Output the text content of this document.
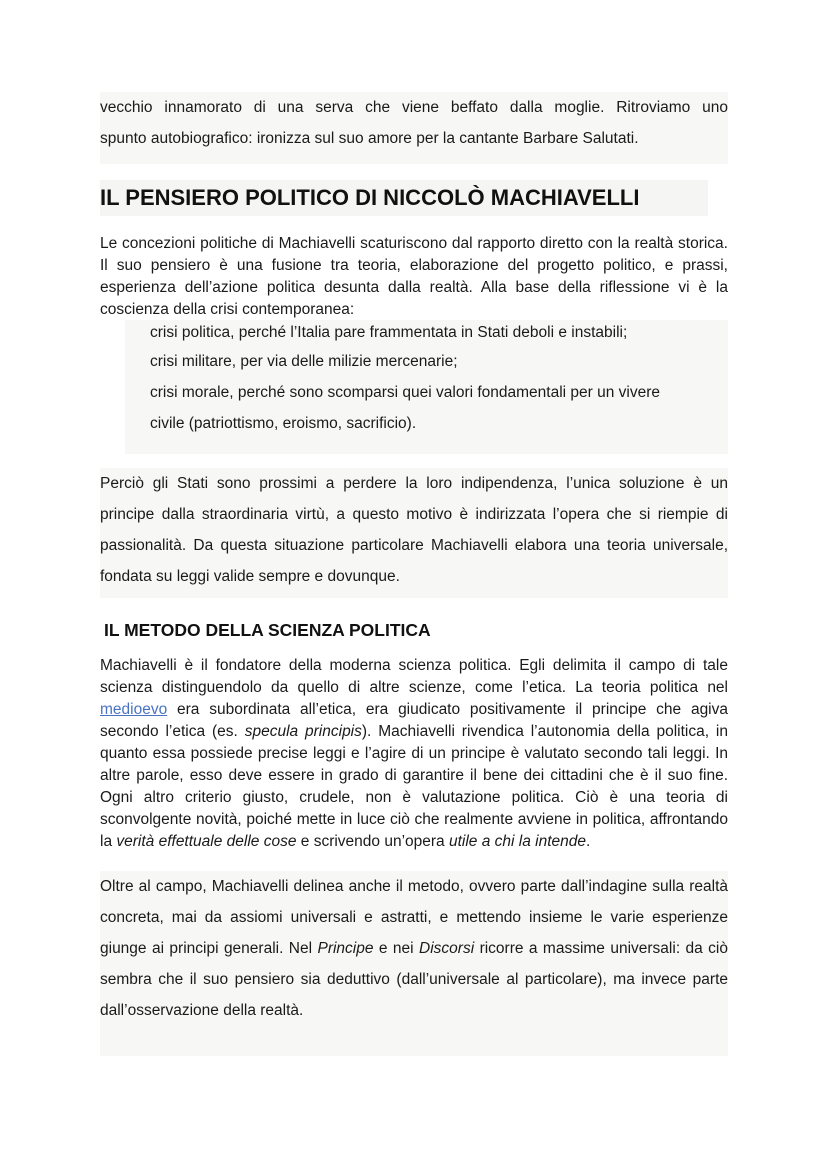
vecchio innamorato di una serva che viene beffato dalla moglie. Ritroviamo uno

spunto autobiografico: ironizza sul suo amore per la cantante Barbare Salutati.

IL PENSIERO POLITICO DI NICCOLÒ MACHIAVELLI

Le concezioni politiche di Machiavelli scaturiscono dal rapporto diretto con la realtà storica. Il suo pensiero è una fusione tra teoria, elaborazione del progetto politico, e prassi, esperienza dell’azione politica desunta dalla realtà. Alla base della riflessione vi è la coscienza della crisi contemporanea:

crisi politica, perché l’Italia pare frammentata in Stati deboli e instabili;
crisi militare, per via delle milizie mercenarie;
crisi morale, perché sono scomparsi quei valori fondamentali per un vivere
civile (patriottismo, eroismo, sacrificio).

Perciò gli Stati sono prossimi a perdere la loro indipendenza, l’unica soluzione è un principe dalla straordinaria virtù, a questo motivo è indirizzata l’opera che si riempie di passionalità. Da questa situazione particolare Machiavelli elabora una teoria universale, fondata su leggi valide sempre e dovunque.

IL METODO DELLA SCIENZA POLITICA

Machiavelli è il fondatore della moderna scienza politica. Egli delimita il campo di tale scienza distinguendolo da quello di altre scienze, come l’etica. La teoria politica nel medioevo era subordinata all’etica, era giudicato positivamente il principe che agiva secondo l’etica (es. specula principis). Machiavelli rivendica l’autonomia della politica, in quanto essa possiede precise leggi e l’agire di un principe è valutato secondo tali leggi. In altre parole, esso deve essere in grado di garantire il bene dei cittadini che è il suo fine. Ogni altro criterio giusto, crudele, non è valutazione politica. Ciò è una teoria di sconvolgente novità, poiché mette in luce ciò che realmente avviene in politica, affrontando la verità effettuale delle cose e scrivendo un’opera utile a chi la intende.

Oltre al campo, Machiavelli delinea anche il metodo, ovvero parte dall’indagine sulla realtà concreta, mai da assiomi universali e astratti, e mettendo insieme le varie esperienze giunge ai principi generali. Nel Principe e nei Discorsi ricorre a massime universali: da ciò sembra che il suo pensiero sia deduttivo (dall’universale al particolare), ma invece parte dall’osservazione della realtà.
